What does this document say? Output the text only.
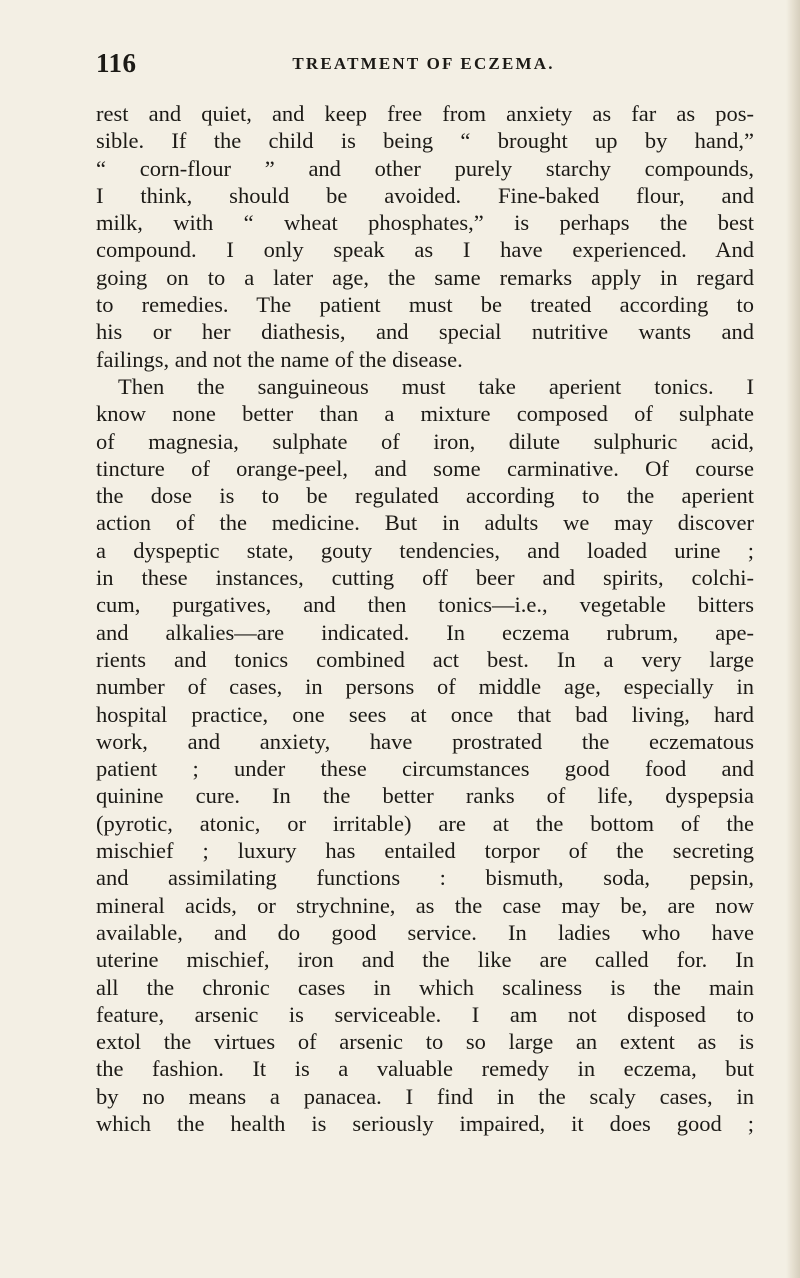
116	TREATMENT OF ECZEMA.
rest and quiet, and keep free from anxiety as far as pos-
sible. If the child is being “ brought up by hand,”
“ corn-flour ” and other purely starchy compounds,
I think, should be avoided. Fine-baked flour, and
milk, with “ wheat phosphates,” is perhaps the best
compound. I only speak as I have experienced. And
going on to a later age, the same remarks apply in regard
to remedies. The patient must be treated according to
his or her diathesis, and special nutritive wants and
failings, and not the name of the disease.
Then the sanguineous must take aperient tonics. I
know none better than a mixture composed of sulphate
of magnesia, sulphate of iron, dilute sulphuric acid,
tincture of orange-peel, and some carminative. Of course
the dose is to be regulated according to the aperient
action of the medicine. But in adults we may discover
a dyspeptic state, gouty tendencies, and loaded urine ;
in these instances, cutting off beer and spirits, colchi-
cum, purgatives, and then tonics—i.e., vegetable bitters
and alkalies—are indicated. In eczema rubrum, ape-
rients and tonics combined act best. In a very large
number of cases, in persons of middle age, especially in
hospital practice, one sees at once that bad living, hard
work, and anxiety, have prostrated the eczematous
patient ; under these circumstances good food and
quinine cure. In the better ranks of life, dyspepsia
(pyrotic, atonic, or irritable) are at the bottom of the
mischief ; luxury has entailed torpor of the secreting
and assimilating functions : bismuth, soda, pepsin,
mineral acids, or strychnine, as the case may be, are now
available, and do good service. In ladies who have
uterine mischief, iron and the like are called for. In
all the chronic cases in which scaliness is the main
feature, arsenic is serviceable. I am not disposed to
extol the virtues of arsenic to so large an extent as is
the fashion. It is a valuable remedy in eczema, but
by no means a panacea. I find in the scaly cases, in
which the health is seriously impaired, it does good ;
